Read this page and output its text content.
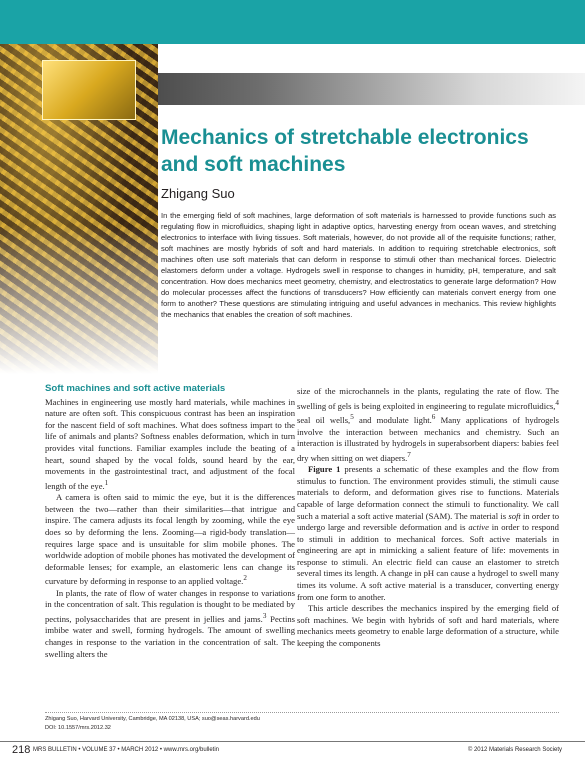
Mechanics of stretchable electronics
and soft machines

Zhigang Suo

In the emerging field of soft machines, large deformation of soft materials is harnessed to provide functions such as regulating flow in microfluidics, shaping light in adaptive optics, harvesting energy from ocean waves, and stretching electronics to interface with living tissues. Soft materials, however, do not provide all of the requisite functions; rather, soft machines are mostly hybrids of soft and hard materials. In addition to requiring stretchable electronics, soft machines often use soft materials that can deform in response to stimuli other than mechanical forces. Dielectric elastomers deform under a voltage. Hydrogels swell in response to changes in humidity, pH, temperature, and salt concentration. How does mechanics meet geometry, chemistry, and electrostatics to generate large deformation? How do molecular processes affect the functions of transducers? How efficiently can materials convert energy from one form to another? These questions are stimulating intriguing and useful advances in mechanics. This review highlights the mechanics that enables the creation of soft machines.

Soft machines and soft active materials

Machines in engineering use mostly hard materials, while machines in nature are often soft. This conspicuous contrast has been an inspiration for the nascent field of soft machines. What does softness impart to the life of animals and plants? Softness enables deformation, which in turn provides vital functions. Familiar examples include the beating of a heart, sound shaped by the vocal folds, sound heard by the ear, movements in the gastrointestinal tract, and adjustment of the focal length of the eye.$^1$

A camera is often said to mimic the eye, but it is the differences between the two—rather than their similarities—that intrigue and inspire. The camera adjusts its focal length by zooming, while the eye does so by deforming the lens. Zooming—a rigid-body translation—requires large space and is unsuitable for slim mobile phones. The worldwide adoption of mobile phones has motivated the development of deformable lenses; for example, an elastomeric lens can change its curvature by deforming in response to an applied voltage.$^2$

In plants, the rate of flow of water changes in response to variations in the concentration of salt. This regulation is thought to be mediated by pectins, polysaccharides that are present in jellies and jams.$^3$ Pectins imbibe water and swell, forming hydrogels. The amount of swelling changes in response to the variation in the concentration of salt. The swelling alters the

size of the microchannels in the plants, regulating the rate of flow. The swelling of gels is being exploited in engineering to regulate microfluidics,$^4$ seal oil wells,$^5$ and modulate light.$^6$ Many applications of hydrogels involve the interaction between mechanics and chemistry. Such an interaction is illustrated by hydrogels in superabsorbent diapers: babies feel dry when sitting on wet diapers.$^7$

Figure 1 presents a schematic of these examples and the flow from stimulus to function. The environment provides stimuli, the stimuli cause materials to deform, and deformation gives rise to functions. Materials capable of large deformation connect the stimuli to functionality. We call such a material a soft active material (SAM). The material is soft in order to undergo large and reversible deformation and is active in order to respond to stimuli in addition to mechanical forces. Soft active materials in engineering are apt in mimicking a salient feature of life: movements in response to stimuli. An electric field can cause an elastomer to stretch several times its length. A change in pH can cause a hydrogel to swell many times its volume. A soft active material is a transducer, converting energy from one form to another.

This article describes the mechanics inspired by the emerging field of soft machines. We begin with hybrids of soft and hard materials, where mechanics meets geometry to enable large deformation of a structure, while keeping the components

Zhigang Suo, Harvard University, Cambridge, MA 02138, USA; suo@seas.harvard.edu

DOI: 10.1557/mrs.2012.32

218 MRS BULLETIN • VOLUME 37 • MARCH 2012 • www.mrs.org/bulletin	© 2012 Materials Research Society
